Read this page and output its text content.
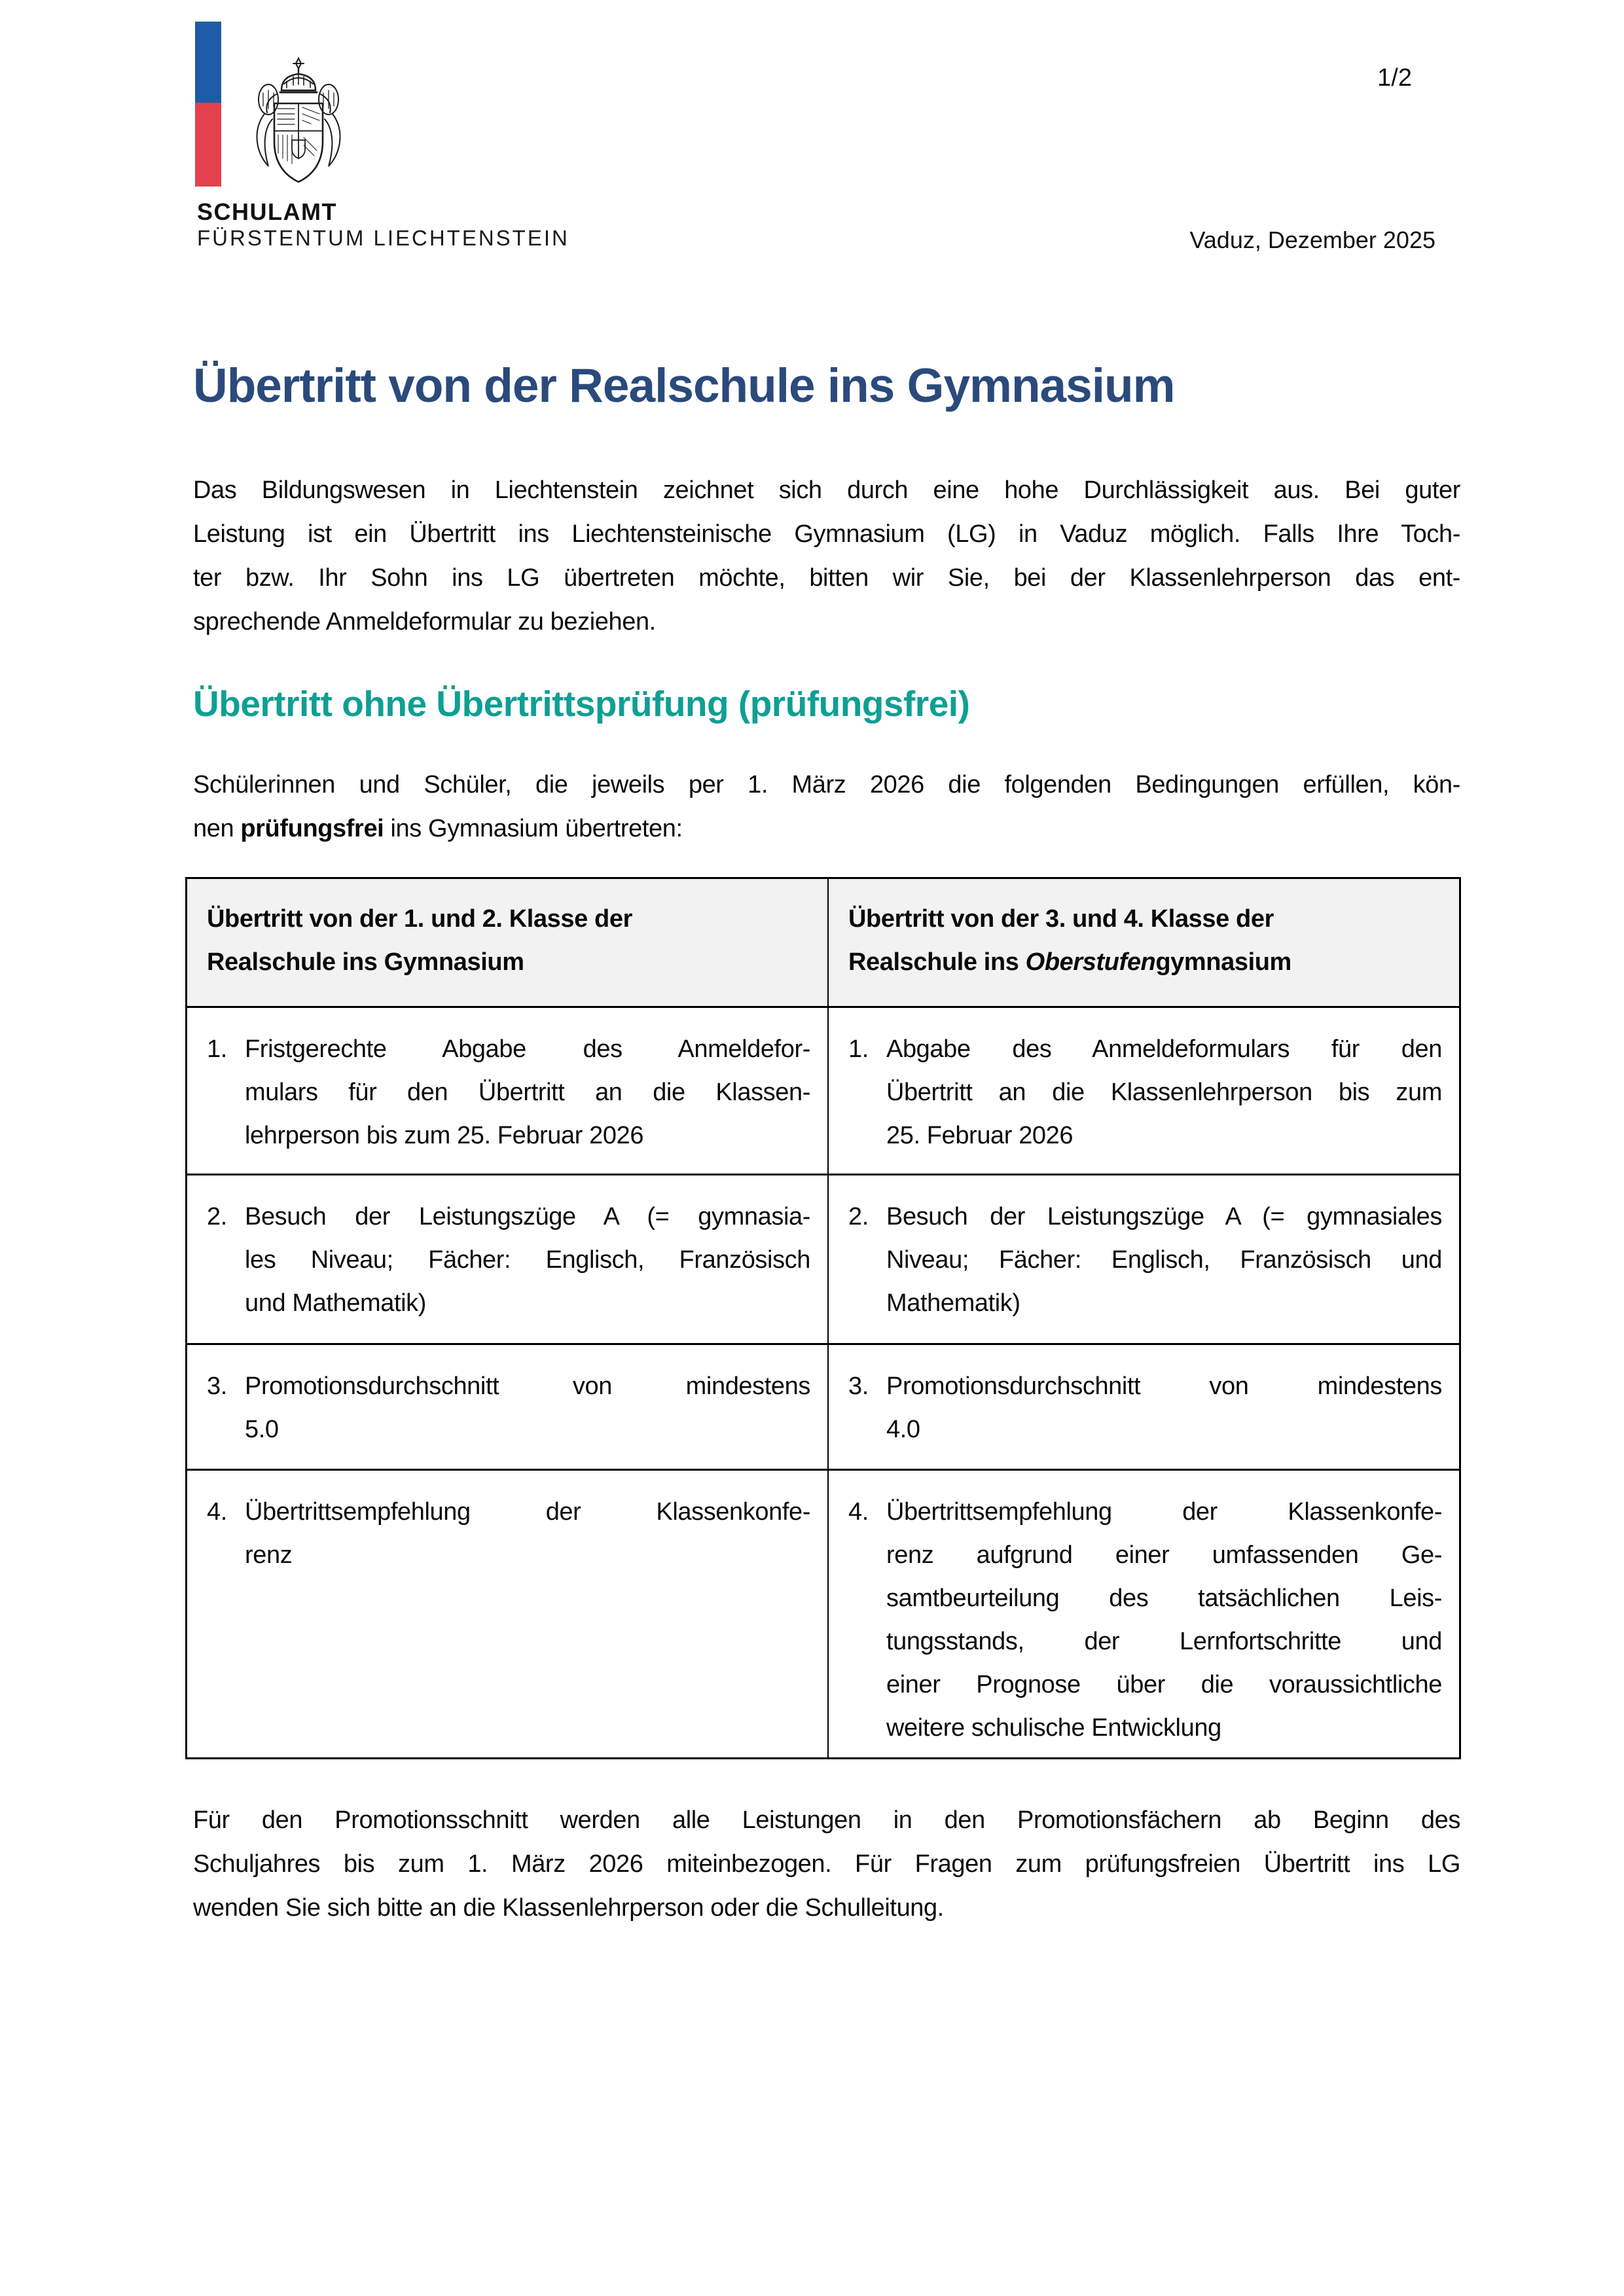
SCHULAMT
FÜRSTENTUM LIECHTENSTEIN
1/2
Vaduz, Dezember 2025
Übertritt von der Realschule ins Gymnasium
Das Bildungswesen in Liechtenstein zeichnet sich durch eine hohe Durchlässigkeit aus. Bei guter
Leistung ist ein Übertritt ins Liechtensteinische Gymnasium (LG) in Vaduz möglich. Falls Ihre Toch-
ter bzw. Ihr Sohn ins LG übertreten möchte, bitten wir Sie, bei der Klassenlehrperson das ent-
sprechende Anmeldeformular zu beziehen.
Übertritt ohne Übertrittsprüfung (prüfungsfrei)
Schülerinnen und Schüler, die jeweils per 1. März 2026 die folgenden Bedingungen erfüllen, kön-
nen prüfungsfrei ins Gymnasium übertreten:
Übertritt von der 1. und 2. Klasse der
Realschule ins Gymnasium
Übertritt von der 3. und 4. Klasse der
Realschule ins Oberstufengymnasium
1. Fristgerechte Abgabe des Anmeldefor-
mulars für den Übertritt an die Klassen-
lehrperson bis zum 25. Februar 2026
1. Abgabe des Anmeldeformulars für den
Übertritt an die Klassenlehrperson bis zum
25. Februar 2026
2. Besuch der Leistungszüge A (= gymnasia-
les Niveau; Fächer: Englisch, Französisch
und Mathematik)
2. Besuch der Leistungszüge A (= gymnasiales
Niveau; Fächer: Englisch, Französisch und
Mathematik)
3. Promotionsdurchschnitt von mindestens
5.0
3. Promotionsdurchschnitt von mindestens
4.0
4. Übertrittsempfehlung der Klassenkonfe-
renz
4. Übertrittsempfehlung der Klassenkonfe-
renz aufgrund einer umfassenden Ge-
samtbeurteilung des tatsächlichen Leis-
tungsstands, der Lernfortschritte und
einer Prognose über die voraussichtliche
weitere schulische Entwicklung
Für den Promotionsschnitt werden alle Leistungen in den Promotionsfächern ab Beginn des
Schuljahres bis zum 1. März 2026 miteinbezogen. Für Fragen zum prüfungsfreien Übertritt ins LG
wenden Sie sich bitte an die Klassenlehrperson oder die Schulleitung.
